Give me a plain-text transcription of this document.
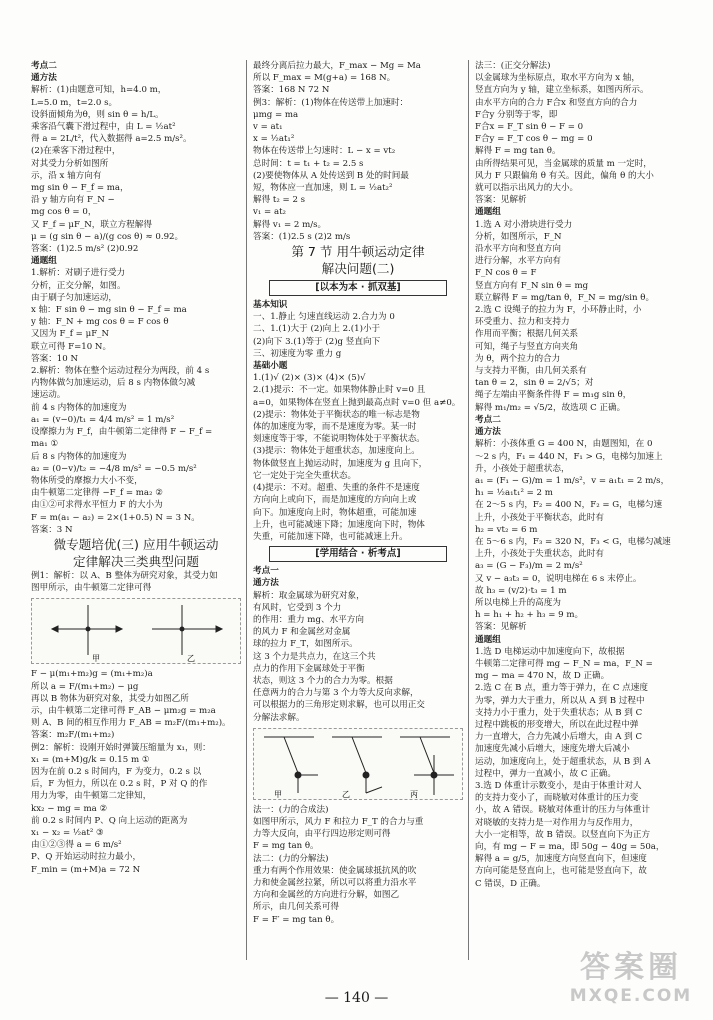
考点二
通方法
解析：(1)由题意可知，h=4.0 m，
L=5.0 m，t=2.0 s。
设斜面倾角为θ，则 sin θ = h/L。
乘客沿气囊下滑过程中，由 L = ½at²
得 a = 2L/t²，代入数据得 a=2.5 m/s²。
(2)在乘客下滑过程中，
对其受力分析如图所
示，沿 x 轴方向有
mg sin θ − F_f = ma，
沿 y 轴方向有 F_N −
mg cos θ = 0，
又 F_f = μF_N，联立方程解得
μ = (g sin θ − a)/(g cos θ) ≈ 0.92。
答案：(1)2.5 m/s² (2)0.92
通题组
1.解析：对刷子进行受力
分析，正交分解，如图。
由于刷子匀加速运动，
x 轴：F sin θ − mg sin θ − F_f = ma
y 轴：F_N + mg cos θ = F cos θ
又因为 F_f = μF_N
联立可得 F=10 N。
答案：10 N
2.解析：物体在整个运动过程分为两段，前 4 s
内物体做匀加速运动，后 8 s 内物体做匀减
速运动。
前 4 s 内物体的加速度为
a₁ = (v−0)/t₁ = 4/4 m/s² = 1 m/s²
设摩擦力为 F_f，由牛顿第二定律得 F − F_f =
ma₁ ①
后 8 s 内物体的加速度为
a₂ = (0−v)/t₂ = −4/8 m/s² = −0.5 m/s²
物体所受的摩擦力大小不变，
由牛顿第二定律得 −F_f = ma₂ ②
由①②可求得水平恒力 F 的大小为
F = m(a₁ − a₂) = 2×(1+0.5) N = 3 N。
答案：3 N
微专题培优(三) 应用牛顿运动
定律解决三类典型问题
例1：解析：以 A、B 整体为研究对象，其受力如
图甲所示，由牛顿第二定律可得
甲	乙
F − μ(m₁+m₂)g = (m₁+m₂)a
所以 a = F/(m₁+m₂) − μg
再以 B 物体为研究对象，其受力如图乙所
示，由牛顿第二定律可得 F_AB − μm₂g = m₂a
则 A、B 间的相互作用力 F_AB = m₂F/(m₁+m₂)。
答案：m₂F/(m₁+m₂)
例2：解析：设刚开始时弹簧压缩量为 x₁，则：
x₁ = (m+M)g/k = 0.15 m ①
因为在前 0.2 s 时间内，F 为变力，0.2 s 以
后，F 为恒力，所以在 0.2 s 时，P 对 Q 的作
用力为零，由牛顿第二定律知，
kx₂ − mg = ma ②
前 0.2 s 时间内 P、Q 向上运动的距离为
x₁ − x₂ = ½at² ③
由①②③得 a = 6 m/s²
P、Q 开始运动时拉力最小，
F_min = (m+M)a = 72 N
最终分离后拉力最大，F_max − Mg = Ma
所以 F_max = M(g+a) = 168 N。
答案：168 N 72 N
例3：解析：(1)物体在传送带上加速时：
μmg = ma
v = at₁
x = ½at₁²
物体在传送带上匀速时：L − x = vt₂
总时间：t = t₁ + t₂ = 2.5 s
(2)要使物体从 A 处传送到 B 处的时间最
短，物体应一直加速，则 L = ½at₂²
解得 t₂ = 2 s
v₁ = at₂
解得 v₁ = 2 m/s。
答案：(1)2.5 s (2)2 m/s
第 7 节 用牛顿运动定律
解决问题(二)
[以本为本 · 抓双基]
基本知识
一、1.静止 匀速直线运动 2.合力为 0
二、1.(1)大于 (2)向上 2.(1)小于
(2)向下 3.(1)等于 (2)g 竖直向下
三、初速度为零 重力 g
基础小题
1.(1)√ (2)× (3)× (4)× (5)√
2.(1)提示：不一定。如果物体静止时 v=0 且
a=0，如果物体在竖直上抛到最高点时 v=0 但 a≠0。
(2)提示：物体处于平衡状态的唯一标志是物
体的加速度为零，而不是速度为零。某一时
刻速度等于零，不能说明物体处于平衡状态。
(3)提示：物体处于超重状态，加速度向上。
物体做竖直上抛运动时，加速度为 g 且向下，
它一定处于完全失重状态。
(4)提示：不对。超重、失重的条件不是速度
方向向上或向下，而是加速度的方向向上或
向下。加速度向上时，物体超重，可能加速
上升，也可能减速下降；加速度向下时，物体
失重，可能加速下降，也可能减速上升。
[学用结合 · 析考点]
考点一
通方法
解析：取金属球为研究对象，
有风时，它受到 3 个力
的作用：重力 mg、水平方向
的风力 F 和金属丝对金属
球的拉力 F_T，如图所示。
这 3 个力是共点力，在这三个共
点力的作用下金属球处于平衡
状态，则这 3 个力的合力为零。根据
任意两力的合力与第 3 个力等大反向求解，
可以根据力的三角形定则求解，也可以用正交
分解法求解。
甲	乙	丙
法一：(力的合成法)
如图甲所示，风力 F 和拉力 F_T 的合力与重
力等大反向，由平行四边形定则可得
F = mg tan θ。
法二：(力的分解法)
重力有两个作用效果：使金属球抵抗风的吹
力和使金属丝拉紧，所以可以将重力沿水平
方向和金属丝的方向进行分解，如图乙
所示，由几何关系可得
F = F′ = mg tan θ。
法三：(正交分解法)
以金属球为坐标原点，取水平方向为 x 轴，
竖直方向为 y 轴，建立坐标系，如图丙所示。
由水平方向的合力 F合x 和竖直方向的合力
F合y 分别等于零，即
F合x = F_T sin θ − F = 0
F合y = F_T cos θ − mg = 0
解得 F = mg tan θ。
由所得结果可见，当金属球的质量 m 一定时，
风力 F 只跟偏角 θ 有关。因此，偏角 θ 的大小
就可以指示出风力的大小。
答案：见解析
通题组
1.选 A 对小滑块进行受力
分析，如图所示，F_N
沿水平方向和竖直方向
进行分解，水平方向有
F_N cos θ = F
竖直方向有 F_N sin θ = mg
联立解得 F = mg/tan θ，F_N = mg/sin θ。
2.选 C 设绳子的拉力为 F，小环静止时，小
环受重力、拉力和支持力
作用而平衡；根据几何关系
可知，绳子与竖直方向夹角
为 θ，两个拉力的合力
与支持力平衡，由几何关系有
tan θ = 2，sin θ = 2/√5；对
绳子左端由平衡条件得 F = m₁g sin θ，
解得 m₁/m₂ = √5/2，故选项 C 正确。
考点二
通方法
解析：小孩体重 G = 400 N，由题图知，在 0
～2 s 内，F₁ = 440 N，F₁ > G，电梯匀加速上
升，小孩处于超重状态，
a₁ = (F₁ − G)/m = 1 m/s²，v = a₁t₁ = 2 m/s，
h₁ = ½a₁t₁² = 2 m
在 2～5 s 内，F₂ = 400 N，F₂ = G，电梯匀速
上升，小孩处于平衡状态，此时有
h₂ = vt₂ = 6 m
在 5～6 s 内，F₃ = 320 N，F₃ < G，电梯匀减速
上升，小孩处于失重状态，此时有
a₃ = (G − F₃)/m = 2 m/s²
又 v − a₃t₃ = 0，说明电梯在 6 s 末停止。
故 h₃ = (v/2)·t₃ = 1 m
所以电梯上升的高度为
h = h₁ + h₂ + h₃ = 9 m。
答案：见解析
通题组
1.选 D 电梯运动中加速度向下，故根据
牛顿第二定律可得 mg − F_N = ma，F_N =
mg − ma = 470 N，故 D 正确。
2.选 C 在 B 点，重力等于弹力，在 C 点速度
为零，弹力大于重力，所以从 A 到 B 过程中
支持力小于重力，处于失重状态；从 B 到 C
过程中跳板的形变增大，所以在此过程中弹
力一直增大，合力先减小后增大，由 A 到 C
加速度先减小后增大，速度先增大后减小
运动，加速度向上，处于超重状态，从 B 到 A
过程中，弹力一直减小，故 C 正确。
3.选 D 体重计示数变小，是由于体重计对人
的支持力变小了，而晓敏对体重计的压力变
小，故 A 错误。晓敏对体重计的压力与体重计
对晓敏的支持力是一对作用力与反作用力，
大小一定相等，故 B 错误。以竖直向下为正方
向，有 mg − F = ma，即 50g − 40g = 50a，
解得 a = g/5，加速度方向竖直向下，但速度
方向可能是竖直向上，也可能是竖直向下，故
C 错误，D 正确。
— 140 —
答案圈
MXQE.COM
